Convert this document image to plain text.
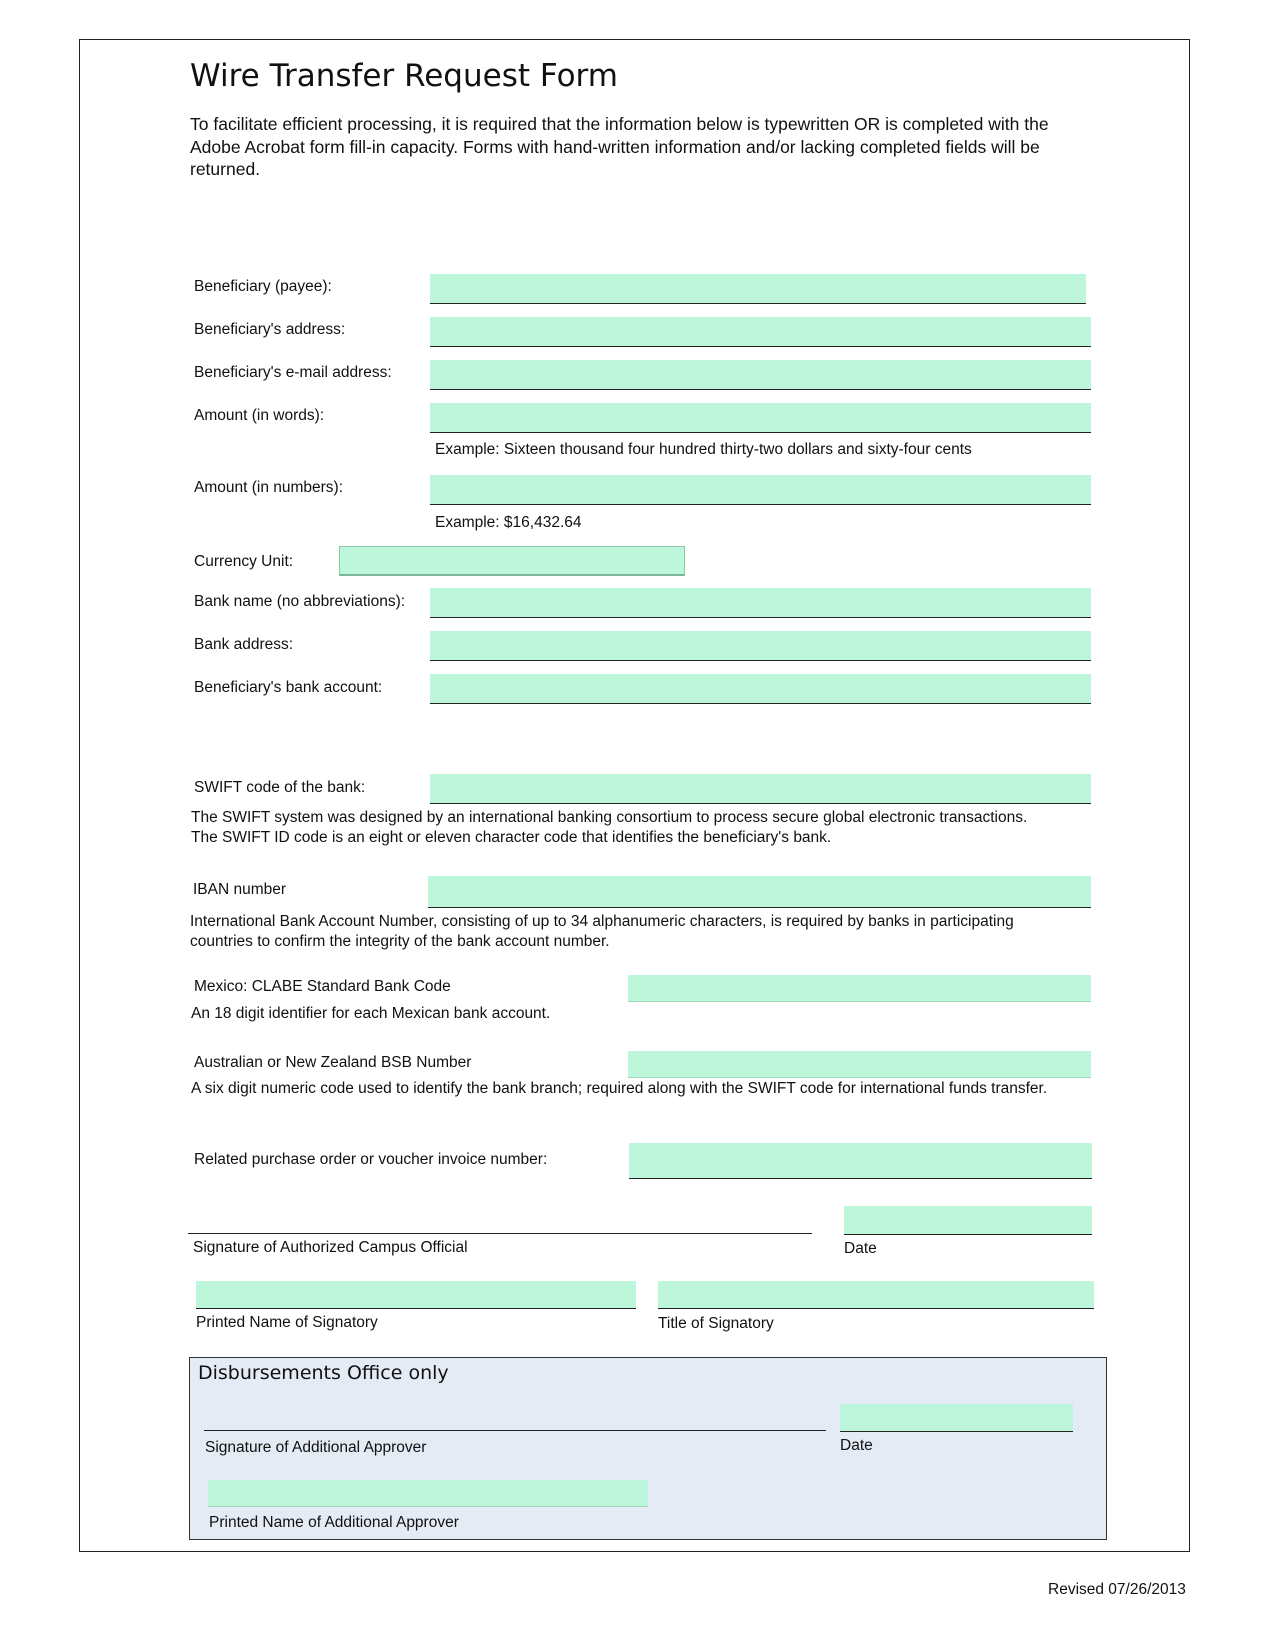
Wire Transfer Request Form
To facilitate efficient processing, it is required that the information below is typewritten OR is completed with the Adobe Acrobat form fill-in capacity. Forms with hand-written information and/or lacking completed fields will be returned.
Beneficiary (payee):
Beneficiary's address:
Beneficiary's e-mail address:
Amount (in words):
Example: Sixteen thousand four hundred thirty-two dollars and sixty-four cents
Amount (in numbers):
Example: $16,432.64
Currency Unit:
Bank name (no abbreviations):
Bank address:
Beneficiary's bank account:
SWIFT code of the bank:
The SWIFT system was designed by an international banking consortium to process secure global electronic transactions. The SWIFT ID code is an eight or eleven character code that identifies the beneficiary's bank.
IBAN number
International Bank Account Number, consisting of up to 34 alphanumeric characters, is required by banks in participating countries to confirm the integrity of the bank account number.
Mexico: CLABE Standard Bank Code
An 18 digit identifier for each Mexican bank account.
Australian or New Zealand BSB Number
A six digit numeric code used to identify the bank branch; required along with the SWIFT code for international funds transfer.
Related purchase order or voucher invoice number:
Signature of Authorized Campus Official	Date
Printed Name of Signatory	Title of Signatory
Disbursements Office only
Signature of Additional Approver	Date
Printed Name of Additional Approver
Revised 07/26/2013
